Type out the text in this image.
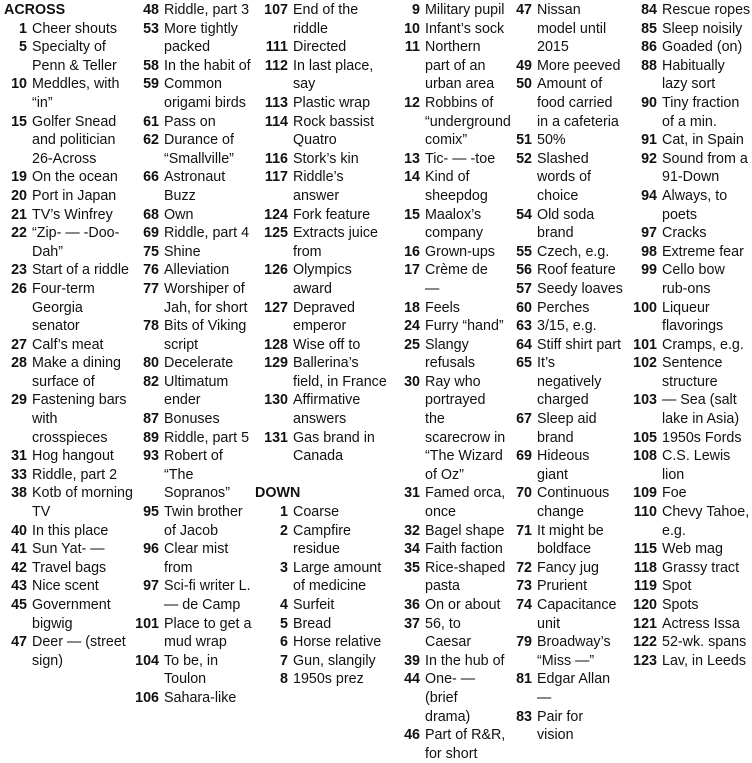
ACROSS
1 Cheer shouts
5 Specialty of Penn & Teller
10 Meddles, with “in”
15 Golfer Snead and politician 26-Across
19 On the ocean
20 Port in Japan
21 TV’s Winfrey
22 “Zip- — -Doo-Dah”
23 Start of a riddle
26 Four-term Georgia senator
27 Calf’s meat
28 Make a dining surface of
29 Fastening bars with crosspieces
31 Hog hangout
33 Riddle, part 2
38 Kotb of morning TV
40 In this place
41 Sun Yat- —
42 Travel bags
43 Nice scent
45 Government bigwig
47 Deer — (street sign)
48 Riddle, part 3
53 More tightly packed
58 In the habit of
59 Common origami birds
61 Pass on
62 Durance of “Smallville”
66 Astronaut Buzz
68 Own
69 Riddle, part 4
75 Shine
76 Alleviation
77 Worshiper of Jah, for short
78 Bits of Viking script
80 Decelerate
82 Ultimatum ender
87 Bonuses
89 Riddle, part 5
93 Robert of “The Sopranos”
95 Twin brother of Jacob
96 Clear mist from
97 Sci-fi writer L. — de Camp
101 Place to get a mud wrap
104 To be, in Toulon
106 Sahara-like
107 End of the riddle
111 Directed
112 In last place, say
113 Plastic wrap
114 Rock bassist Quatro
116 Stork’s kin
117 Riddle’s answer
124 Fork feature
125 Extracts juice from
126 Olympics award
127 Depraved emperor
128 Wise off to
129 Ballerina’s field, in France
130 Affirmative answers
131 Gas brand in Canada
DOWN
1 Coarse
2 Campfire residue
3 Large amount of medicine
4 Surfeit
5 Bread
6 Horse relative
7 Gun, slangily
8 1950s prez
9 Military pupil
10 Infant’s sock
11 Northern part of an urban area
12 Robbins of “underground comix”
13 Tic- — -toe
14 Kind of sheepdog
15 Maalox’s company
16 Grown-ups
17 Crème de —
18 Feels
24 Furry “hand”
25 Slangy refusals
30 Ray who portrayed the scarecrow in “The Wizard of Oz”
31 Famed orca, once
32 Bagel shape
34 Faith faction
35 Rice-shaped pasta
36 On or about
37 56, to Caesar
39 In the hub of
44 One- — (brief drama)
46 Part of R&R, for short
47 Nissan model until 2015
49 More peeved
50 Amount of food carried in a cafeteria
51 50%
52 Slashed words of choice
54 Old soda brand
55 Czech, e.g.
56 Roof feature
57 Seedy loaves
60 Perches
63 3/15, e.g.
64 Stiff shirt part
65 It’s negatively charged
67 Sleep aid brand
69 Hideous giant
70 Continuous change
71 It might be boldface
72 Fancy jug
73 Prurient
74 Capacitance unit
79 Broadway’s “Miss —”
81 Edgar Allan —
83 Pair for vision
84 Rescue ropes
85 Sleep noisily
86 Goaded (on)
88 Habitually lazy sort
90 Tiny fraction of a min.
91 Cat, in Spain
92 Sound from a 91-Down
94 Always, to poets
97 Cracks
98 Extreme fear
99 Cello bow rub-ons
100 Liqueur flavorings
101 Cramps, e.g.
102 Sentence structure
103 — Sea (salt lake in Asia)
105 1950s Fords
108 C.S. Lewis lion
109 Foe
110 Chevy Tahoe, e.g.
115 Web mag
118 Grassy tract
119 Spot
120 Spots
121 Actress Issa
122 52-wk. spans
123 Lav, in Leeds
